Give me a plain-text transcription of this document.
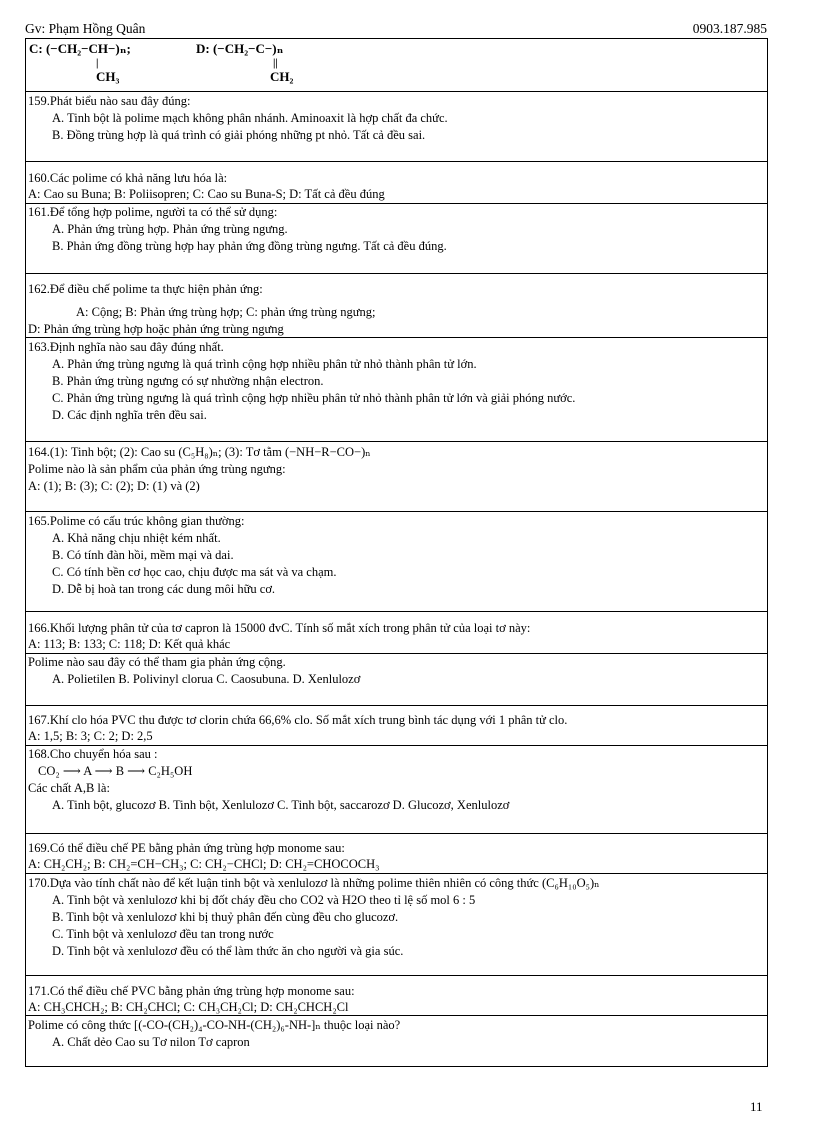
Gv: Phạm Hồng Quân	0903.187.985
C: (−CH₂−CH−)ₙ;
|
CH₃
D: (−CH₂−C−)ₙ
||
CH₂
159.Phát biểu nào sau đây đúng:
A. Tinh bột là polime mạch không phân nhánh. Aminoaxit là hợp chất đa chức.
B. Đồng trùng hợp là quá trình có giải phóng những pt nhỏ. Tất cả đều sai.
160.Các polime có khả năng lưu hóa là:
A: Cao su Buna; B: Poliisopren; C: Cao su Buna-S; D: Tất cả đều đúng
161.Để tổng hợp polime, người ta có thể sử dụng:
A. Phản ứng trùng hợp. Phản ứng trùng ngưng.
B. Phản ứng đồng trùng hợp hay phản ứng đồng trùng ngưng. Tất cả đều đúng.
162.Để điều chế polime ta thực hiện phản ứng:
A: Cộng; B: Phản ứng trùng hợp; C: phản ứng trùng ngưng;
D: Phản ứng trùng hợp hoặc phản ứng trùng ngưng
163.Định nghĩa nào sau đây đúng nhất.
A. Phản ứng trùng ngưng là quá trình cộng hợp nhiều phân tử nhỏ thành phân tử lớn.
B. Phản ứng trùng ngưng có sự nhường nhận electron.
C. Phản ứng trùng ngưng là quá trình cộng hợp nhiều phân tử nhỏ thành phân tử lớn và giải phóng nước.
D. Các định nghĩa trên đều sai.
164.(1): Tinh bột; (2): Cao su (C₅H₈)ₙ; (3): Tơ tằm (−NH−R−CO−)ₙ
Polime nào là sản phẩm của phản ứng trùng ngưng:
A: (1); B: (3); C: (2); D: (1) và (2)
165.Polime có cấu trúc không gian thường:
A. Khả năng chịu nhiệt kém nhất.
B. Có tính đàn hồi, mềm mại và dai.
C. Có tính bền cơ học cao, chịu được ma sát và va chạm.
D. Dễ bị hoà tan trong các dung môi hữu cơ.
166.Khối lượng phân tử của tơ capron là 15000 đvC. Tính số mắt xích trong phân tử của loại tơ này:
A: 113; B: 133; C: 118; D: Kết quả khác
Polime nào sau đây có thể tham gia phản ứng cộng.
A. Polietilen B. Polivinyl clorua C. Caosubuna. D. Xenlulozơ
167.Khí clo hóa PVC thu được tơ clorin chứa 66,6% clo. Số mắt xích trung bình tác dụng với 1 phân tử clo.
A: 1,5; B: 3; C: 2; D: 2,5
168.Cho chuyển hóa sau :
CO₂ ⟶ A ⟶ B ⟶ C₂H₅OH
Các chất A,B là:
A. Tinh bột, glucozơ B. Tinh bột, Xenlulozơ C. Tinh bột, saccarozơ D. Glucozơ, Xenlulozơ
169.Có thể điều chế PE bằng phản ứng trùng hợp monome sau:
A: CH₂CH₂; B: CH₂=CH−CH₃; C: CH₂−CHCl; D: CH₂=CHOCOCH₃
170.Dựa vào tính chất nào để kết luận tinh bột và xenlulozơ là những polime thiên nhiên có công thức (C₆H₁₀O₅)ₙ
A. Tinh bột và xenlulozơ khi bị đốt cháy đều cho CO2 và H2O theo tỉ lệ số mol 6 : 5
B. Tinh bột và xenlulozơ khi bị thuỷ phân đến cùng đều cho glucozơ.
C. Tinh bột và xenlulozơ đều tan trong nước
D. Tinh bột và xenlulozơ đều có thể làm thức ăn cho người và gia súc.
171.Có thể điều chế PVC bằng phản ứng trùng hợp monome sau:
A: CH₃CHCH₂; B: CH₂CHCl; C: CH₃CH₂Cl; D: CH₂CHCH₂Cl
Polime có công thức [(-CO-(CH₂)₄-CO-NH-(CH₂)₆-NH-]ₙ thuộc loại nào?
A. Chất dẻo Cao su Tơ nilon Tơ capron
11
